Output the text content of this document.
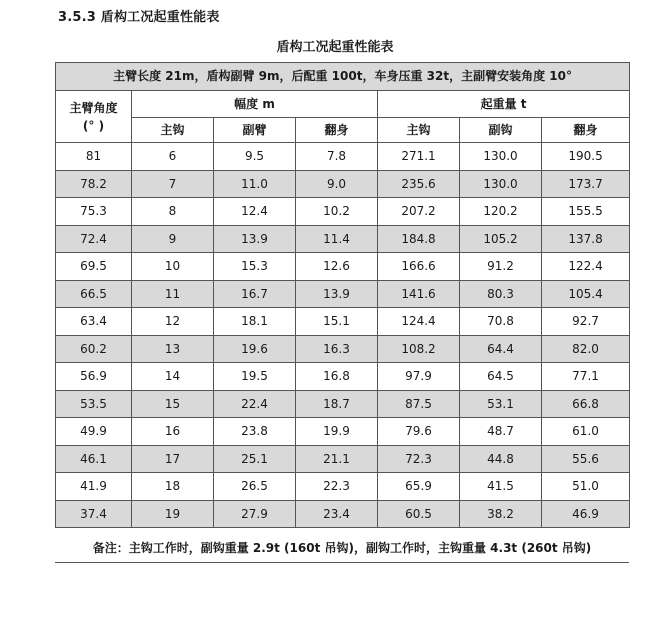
3.5.3 盾构工况起重性能表
盾构工况起重性能表
主臂长度 21m，盾构副臂 9m，后配重 100t，车身压重 32t，主副臂安装角度 10°						

主臂角度
(° )	幅度 m			起重量 t		
	主钩	副臂	翻身	主钩	副钩	翻身
81	6	9.5	7.8	271.1	130.0	190.5
78.2	7	11.0	9.0	235.6	130.0	173.7
75.3	8	12.4	10.2	207.2	120.2	155.5
72.4	9	13.9	11.4	184.8	105.2	137.8
69.5	10	15.3	12.6	166.6	91.2	122.4
66.5	11	16.7	13.9	141.6	80.3	105.4
63.4	12	18.1	15.1	124.4	70.8	92.7
60.2	13	19.6	16.3	108.2	64.4	82.0
56.9	14	19.5	16.8	97.9	64.5	77.1
53.5	15	22.4	18.7	87.5	53.1	66.8
49.9	16	23.8	19.9	79.6	48.7	61.0
46.1	17	25.1	21.1	72.3	44.8	55.6
41.9	18	26.5	22.3	65.9	41.5	51.0
37.4	19	27.9	23.4	60.5	38.2	46.9
备注：主钩工作时，副钩重量 2.9t (160t 吊钩)，副钩工作时，主钩重量 4.3t (260t 吊钩)
